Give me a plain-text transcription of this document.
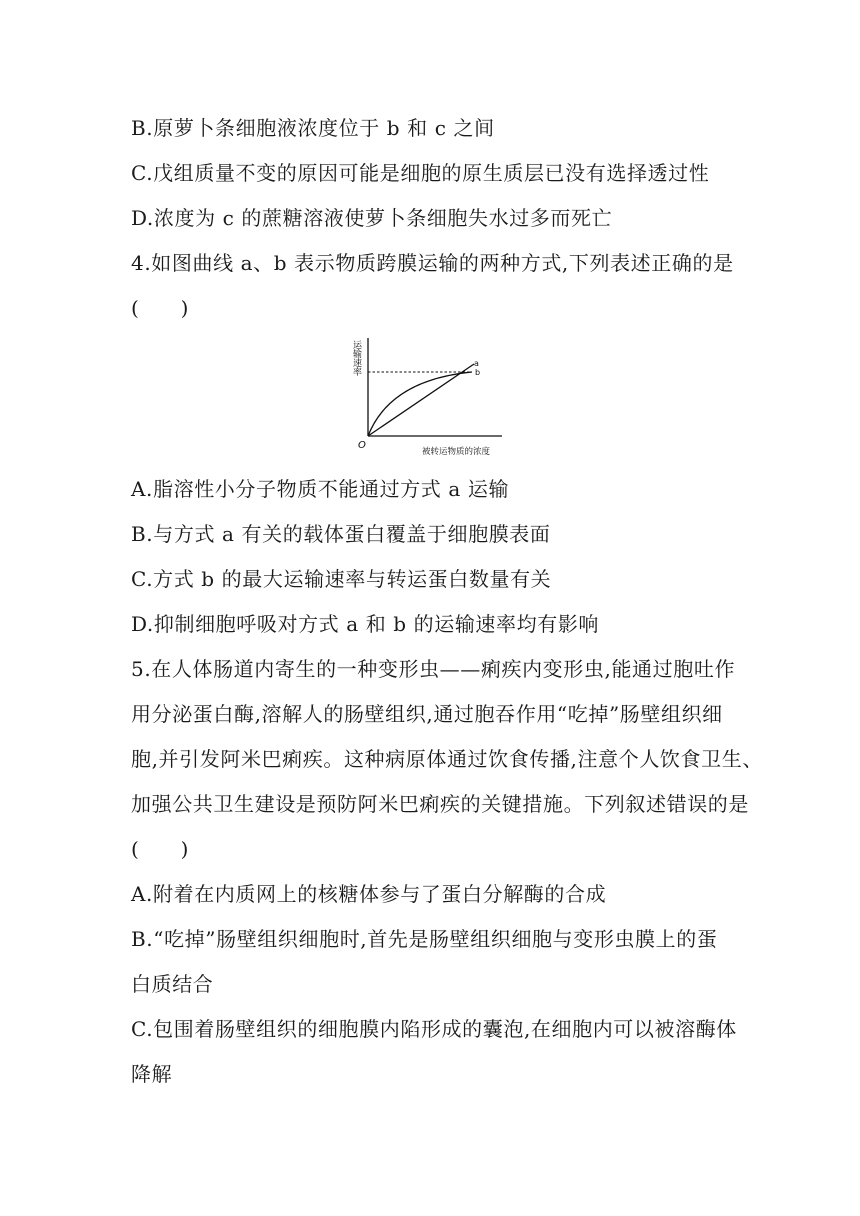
B.原萝卜条细胞液浓度位于 b 和 c 之间
C.戊组质量不变的原因可能是细胞的原生质层已没有选择透过性
D.浓度为 c 的蔗糖溶液使萝卜条细胞失水过多而死亡
4.如图曲线 a、b 表示物质跨膜运输的两种方式,下列表述正确的是
(　　)
运输速率
O
被转运物质的浓度
a
b
A.脂溶性小分子物质不能通过方式 a 运输
B.与方式 a 有关的载体蛋白覆盖于细胞膜表面
C.方式 b 的最大运输速率与转运蛋白数量有关
D.抑制细胞呼吸对方式 a 和 b 的运输速率均有影响
5.在人体肠道内寄生的一种变形虫——痢疾内变形虫,能通过胞吐作
用分泌蛋白酶,溶解人的肠壁组织,通过胞吞作用“吃掉”肠壁组织细
胞,并引发阿米巴痢疾。这种病原体通过饮食传播,注意个人饮食卫生、
加强公共卫生建设是预防阿米巴痢疾的关键措施。下列叙述错误的是
(　　)
A.附着在内质网上的核糖体参与了蛋白分解酶的合成
B.“吃掉”肠壁组织细胞时,首先是肠壁组织细胞与变形虫膜上的蛋
白质结合
C.包围着肠壁组织的细胞膜内陷形成的囊泡,在细胞内可以被溶酶体
降解
